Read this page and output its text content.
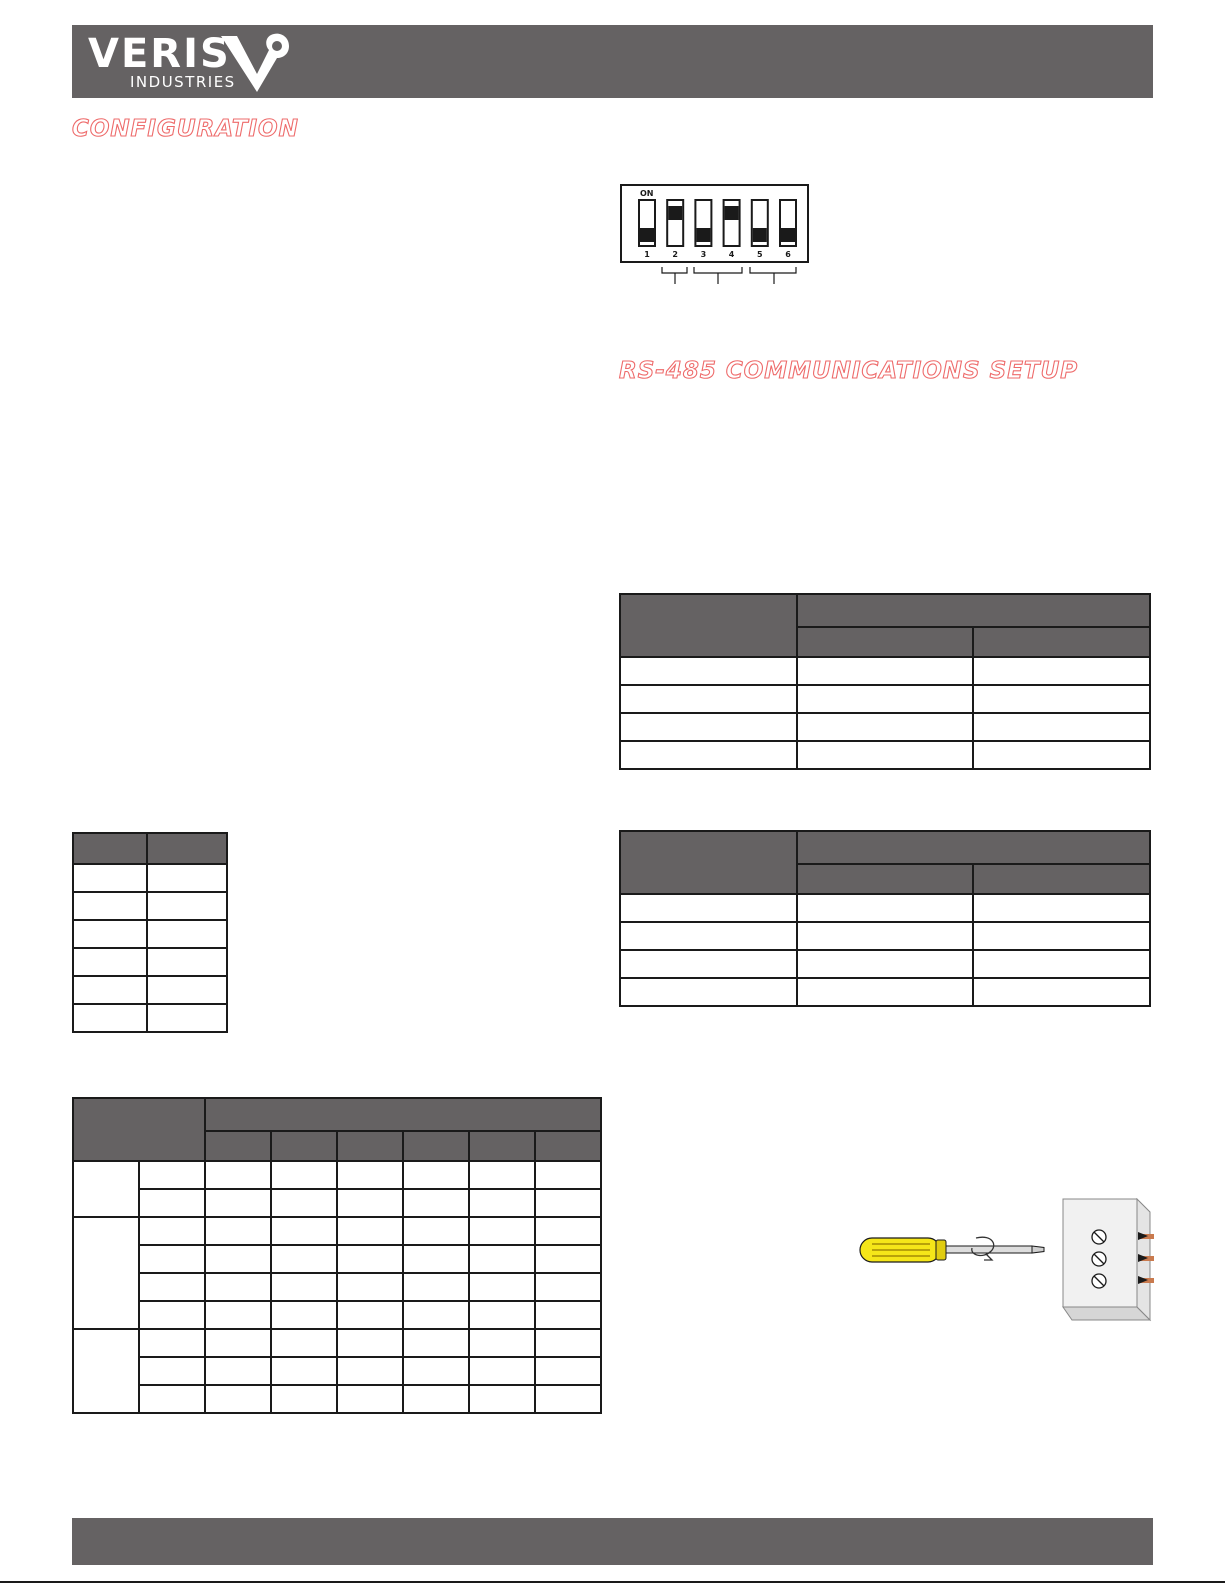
VERIS
INDUSTRIES
CONFIGURATION
RS-485 COMMUNICATIONS SETUP
ON
1	2	3	4	5	6
